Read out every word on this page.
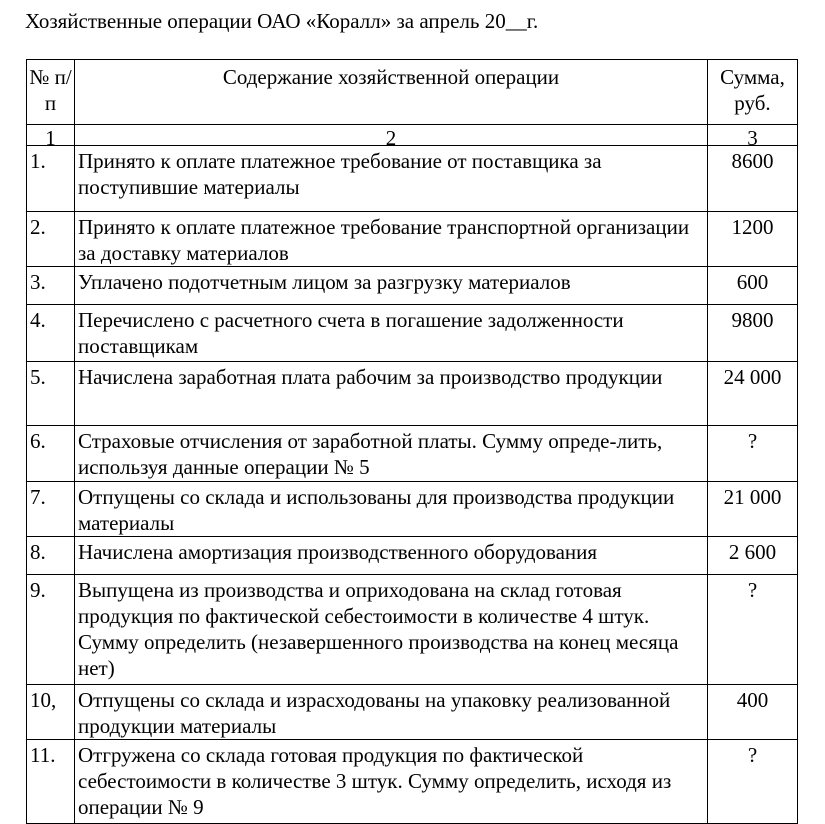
Хозяйственные операции ОАО «Коралл» за апрель 20__г.
№ п/п	Содержание хозяйственной операции	Сумма, руб.

1	2	3

1.	Принято к оплате платежное требование от поставщика за поступившие материалы	8600
2.	Принято к оплате платежное требование транспортной организации за доставку материалов	1200
3.	Уплачено подотчетным лицом за разгрузку материалов	600
4.	Перечислено с расчетного счета в погашение задолженности поставщикам	9800
5.	Начислена заработная плата рабочим за производство продукции	24 000
6.	Страховые отчисления от заработной платы. Сумму опреде-лить, используя данные операции № 5	?
7.	Отпущены со склада и использованы для производства продукции материалы	21 000
8.	Начислена амортизация производственного оборудования	2 600
9.	Выпущена из производства и оприходована на склад готовая продукция по фактической себестоимости в количестве 4 штук. Сумму определить (незавершенного производства на конец месяца нет)	?
10,	Отпущены со склада и израсходованы на упаковку реализованной продукции материалы	400
11.	Отгружена со склада готовая продукция по фактической себестоимости в количестве 3 штук. Сумму определить, исходя из операции № 9	?
